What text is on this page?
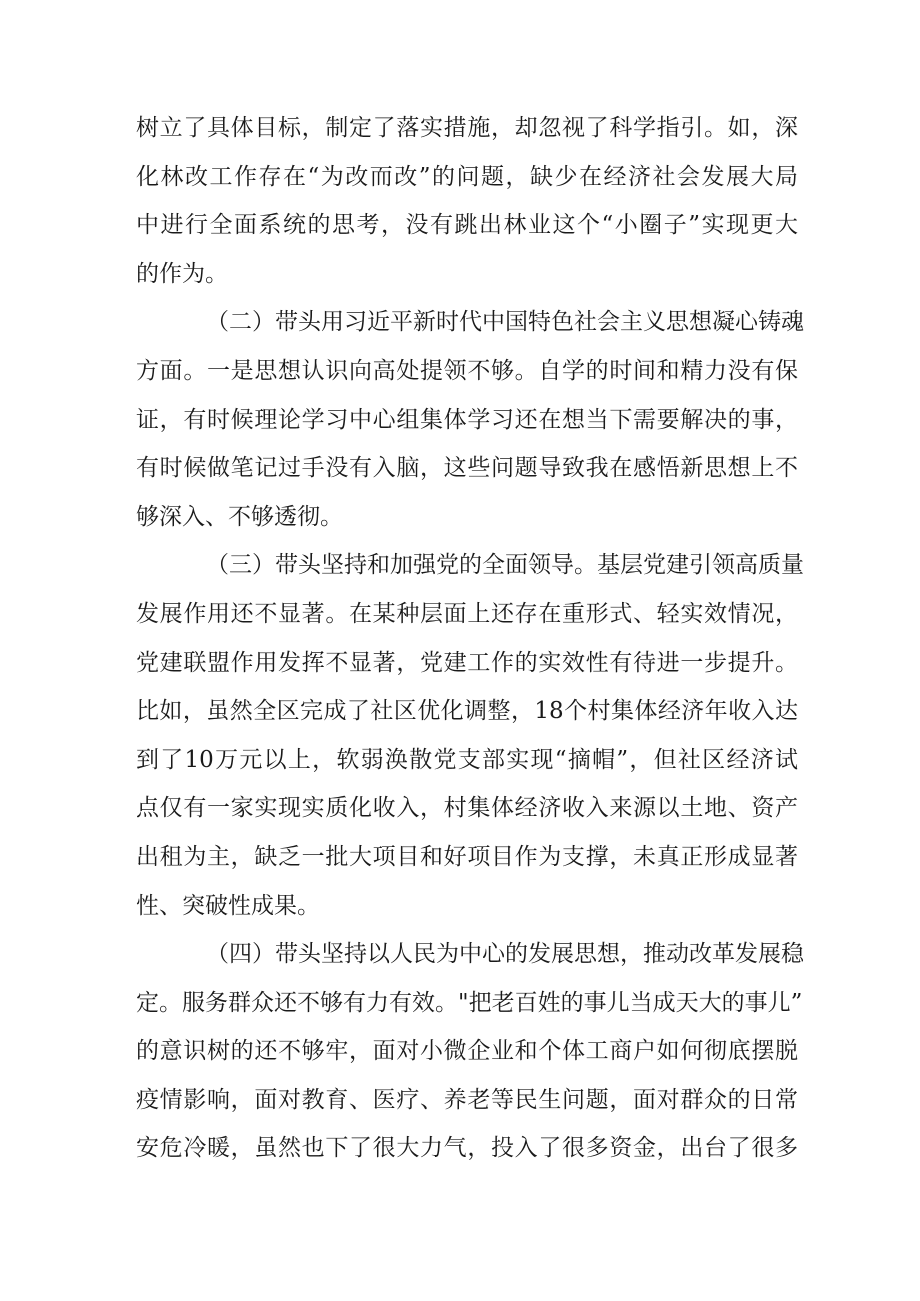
树立了具体目标，制定了落实措施，却忽视了科学指引。如，深
化林改工作存在“为改而改”的问题，缺少在经济社会发展大局
中进行全面系统的思考，没有跳出林业这个“小圈子”实现更大
的作为。
（二）带头用习近平新时代中国特色社会主义思想凝心铸魂
方面。一是思想认识向高处提领不够。自学的时间和精力没有保
证，有时候理论学习中心组集体学习还在想当下需要解决的事，
有时候做笔记过手没有入脑，这些问题导致我在感悟新思想上不
够深入、不够透彻。
（三）带头坚持和加强党的全面领导。基层党建引领高质量
发展作用还不显著。在某种层面上还存在重形式、轻实效情况，
党建联盟作用发挥不显著，党建工作的实效性有待进一步提升。
比如，虽然全区完成了社区优化调整，18个村集体经济年收入达
到了10万元以上，软弱涣散党支部实现“摘帽”，但社区经济试
点仅有一家实现实质化收入，村集体经济收入来源以土地、资产
出租为主，缺乏一批大项目和好项目作为支撑，未真正形成显著
性、突破性成果。
（四）带头坚持以人民为中心的发展思想，推动改革发展稳
定。服务群众还不够有力有效。"把老百姓的事儿当成天大的事儿”
的意识树的还不够牢，面对小微企业和个体工商户如何彻底摆脱
疫情影响，面对教育、医疗、养老等民生问题，面对群众的日常
安危冷暖，虽然也下了很大力气，投入了很多资金，出台了很多
